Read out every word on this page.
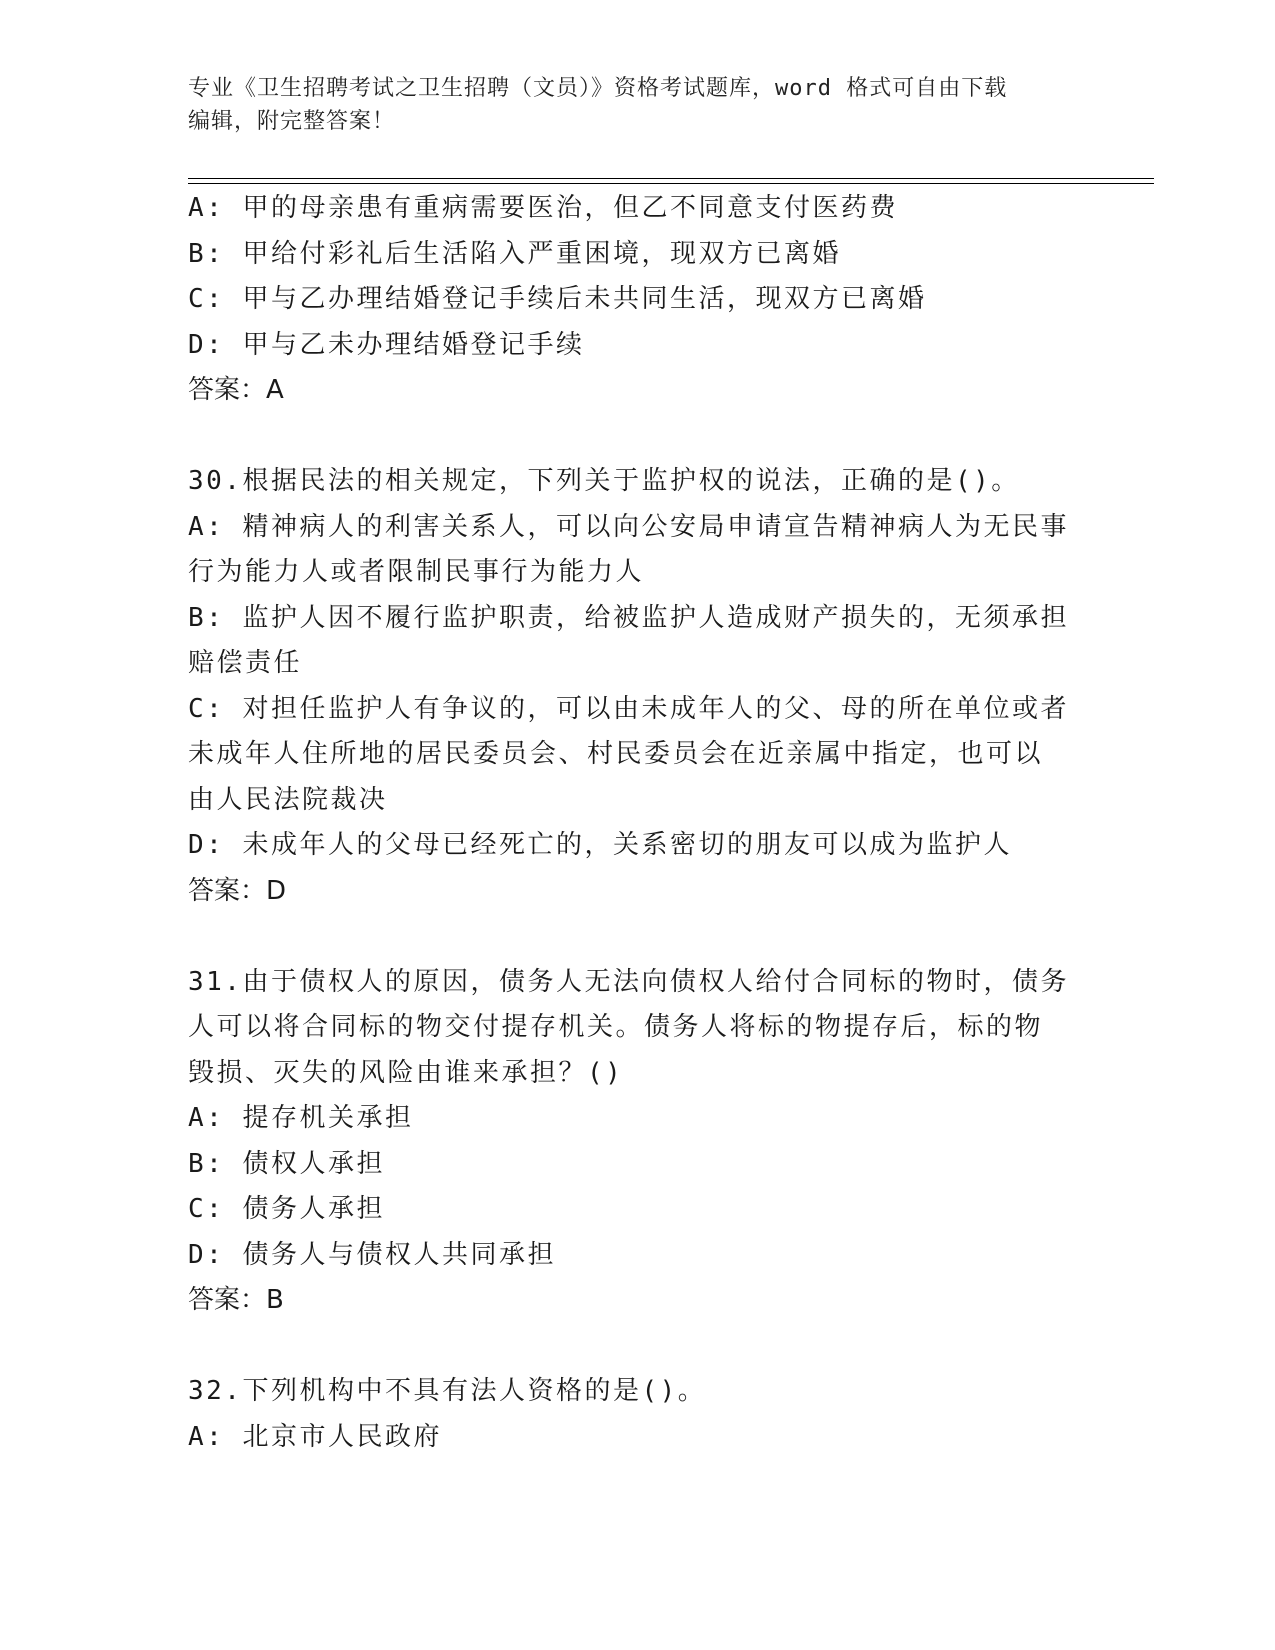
专业《卫生招聘考试之卫生招聘（文员）》资格考试题库，word 格式可自由下载
编辑，附完整答案！
A: 甲的母亲患有重病需要医治，但乙不同意支付医药费
B: 甲给付彩礼后生活陷入严重困境，现双方已离婚
C: 甲与乙办理结婚登记手续后未共同生活，现双方已离婚
D: 甲与乙未办理结婚登记手续
答案：A
30.根据民法的相关规定，下列关于监护权的说法，正确的是()。
A: 精神病人的利害关系人，可以向公安局申请宣告精神病人为无民事
行为能力人或者限制民事行为能力人
B: 监护人因不履行监护职责，给被监护人造成财产损失的，无须承担
赔偿责任
C: 对担任监护人有争议的，可以由未成年人的父、母的所在单位或者
未成年人住所地的居民委员会、村民委员会在近亲属中指定，也可以
由人民法院裁决
D: 未成年人的父母已经死亡的，关系密切的朋友可以成为监护人
答案：D
31.由于债权人的原因，债务人无法向债权人给付合同标的物时，债务
人可以将合同标的物交付提存机关。债务人将标的物提存后，标的物
毁损、灭失的风险由谁来承担？()
A: 提存机关承担
B: 债权人承担
C: 债务人承担
D: 债务人与债权人共同承担
答案：B
32.下列机构中不具有法人资格的是()。
A: 北京市人民政府
